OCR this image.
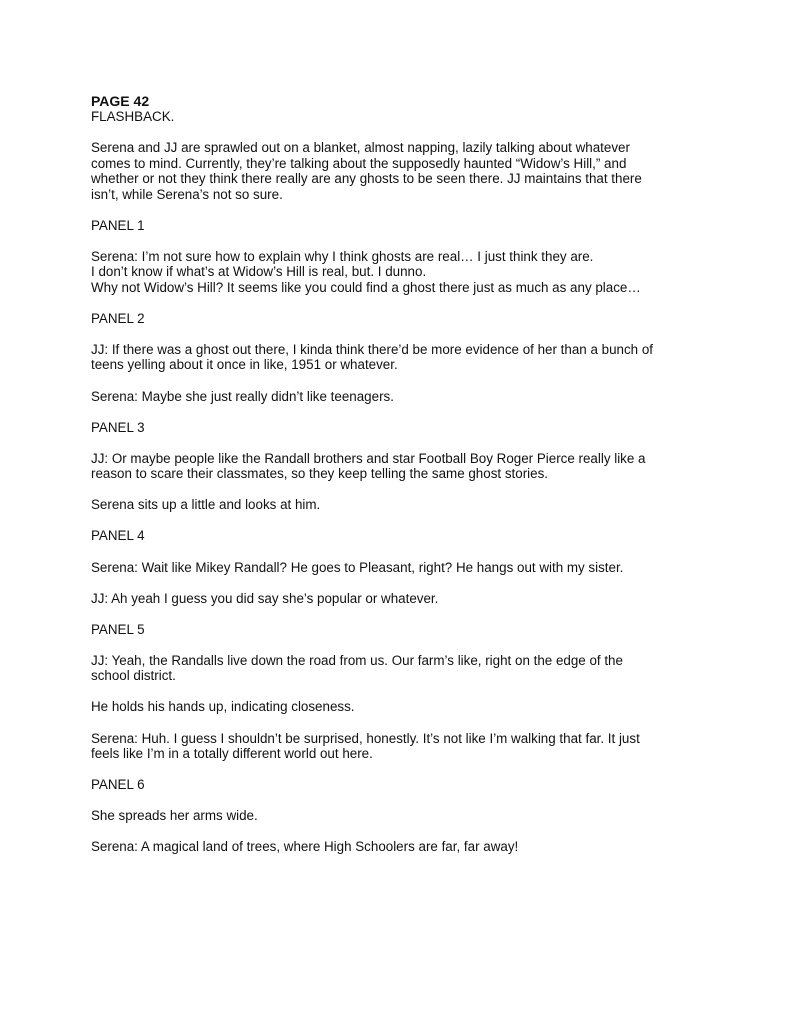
PAGE 42
FLASHBACK.
Serena and JJ are sprawled out on a blanket, almost napping, lazily talking about whatever
comes to mind. Currently, they’re talking about the supposedly haunted “Widow’s Hill,” and
whether or not they think there really are any ghosts to be seen there. JJ maintains that there
isn’t, while Serena’s not so sure.
PANEL 1
Serena: I’m not sure how to explain why I think ghosts are real… I just think they are.
I don’t know if what’s at Widow’s Hill is real, but. I dunno.
Why not Widow’s Hill? It seems like you could find a ghost there just as much as any place…
PANEL 2
JJ: If there was a ghost out there, I kinda think there’d be more evidence of her than a bunch of
teens yelling about it once in like, 1951 or whatever.
Serena: Maybe she just really didn’t like teenagers.
PANEL 3
JJ: Or maybe people like the Randall brothers and star Football Boy Roger Pierce really like a
reason to scare their classmates, so they keep telling the same ghost stories.
Serena sits up a little and looks at him.
PANEL 4
Serena: Wait like Mikey Randall? He goes to Pleasant, right? He hangs out with my sister.
JJ: Ah yeah I guess you did say she’s popular or whatever.
PANEL 5
JJ: Yeah, the Randalls live down the road from us. Our farm’s like, right on the edge of the
school district.
He holds his hands up, indicating closeness.
Serena: Huh. I guess I shouldn’t be surprised, honestly. It’s not like I’m walking that far. It just
feels like I’m in a totally different world out here.
PANEL 6
She spreads her arms wide.
Serena: A magical land of trees, where High Schoolers are far, far away!
